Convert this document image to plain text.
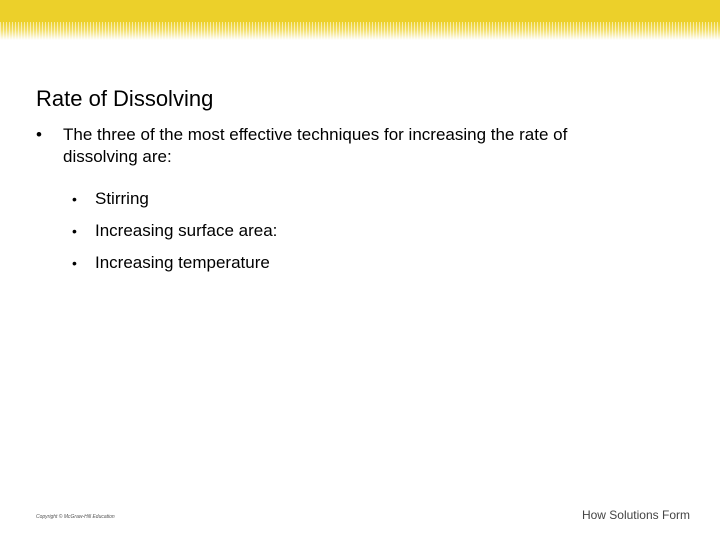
Rate of Dissolving
•	The three of the most effective techniques for increasing the rate of dissolving are:
•	Stirring
•	Increasing surface area:
•	Increasing temperature
Copyright © McGraw-Hill Education	How Solutions Form
